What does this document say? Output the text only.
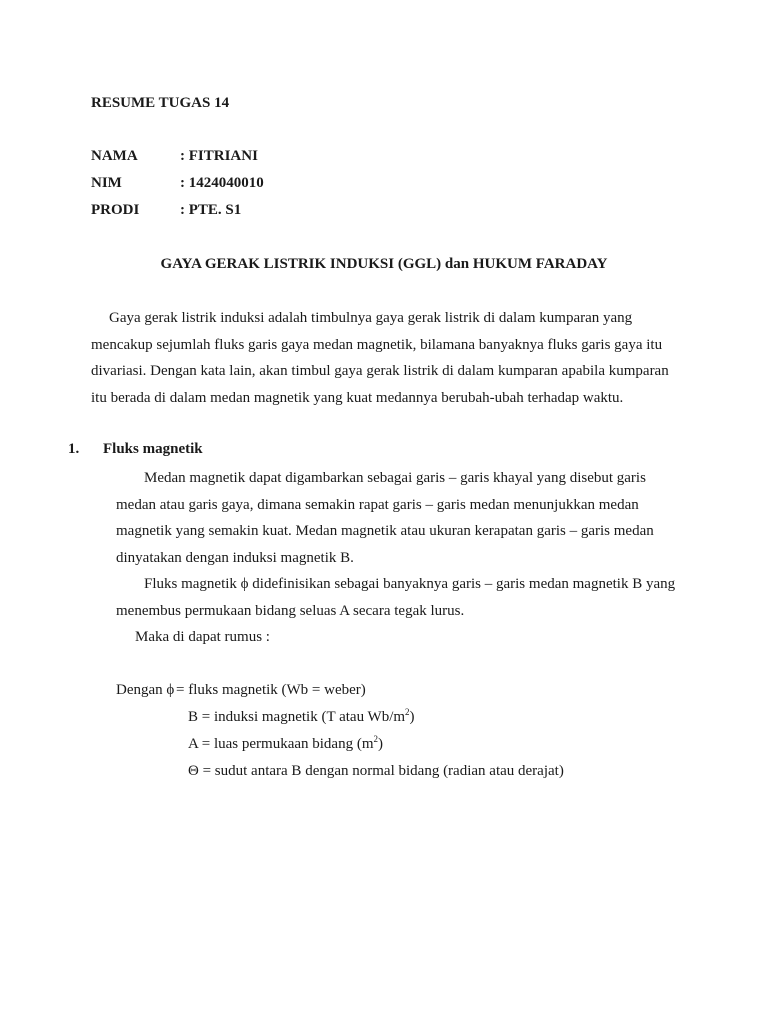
RESUME TUGAS 14
NAMA	: FITRIANI
NIM	: 1424040010
PRODI	: PTE. S1
GAYA GERAK LISTRIK INDUKSI (GGL) dan HUKUM FARADAY
Gaya gerak listrik induksi adalah timbulnya gaya gerak listrik di dalam kumparan yang
mencakup sejumlah fluks garis gaya medan magnetik, bilamana banyaknya fluks garis gaya itu
divariasi. Dengan kata lain, akan timbul gaya gerak listrik di dalam kumparan apabila kumparan
itu berada di dalam medan magnetik yang kuat medannya berubah-ubah terhadap waktu.
1. Fluks magnetik
Medan magnetik dapat digambarkan sebagai garis – garis khayal yang disebut garis
medan atau garis gaya, dimana semakin rapat garis – garis medan menunjukkan medan
magnetik yang semakin kuat. Medan magnetik atau ukuran kerapatan garis – garis medan
dinyatakan dengan induksi magnetik B.
Fluks magnetik ϕ didefinisikan sebagai banyaknya garis – garis medan magnetik B yang
menembus permukaan bidang seluas A secara tegak lurus.
Maka di dapat rumus :
Dengan ϕ = fluks magnetik (Wb = weber)
B = induksi magnetik (T atau $Wb/m^2$)
A = luas permukaan bidang $(m^2)$
Θ = sudut antara B dengan normal bidang (radian atau derajat)
